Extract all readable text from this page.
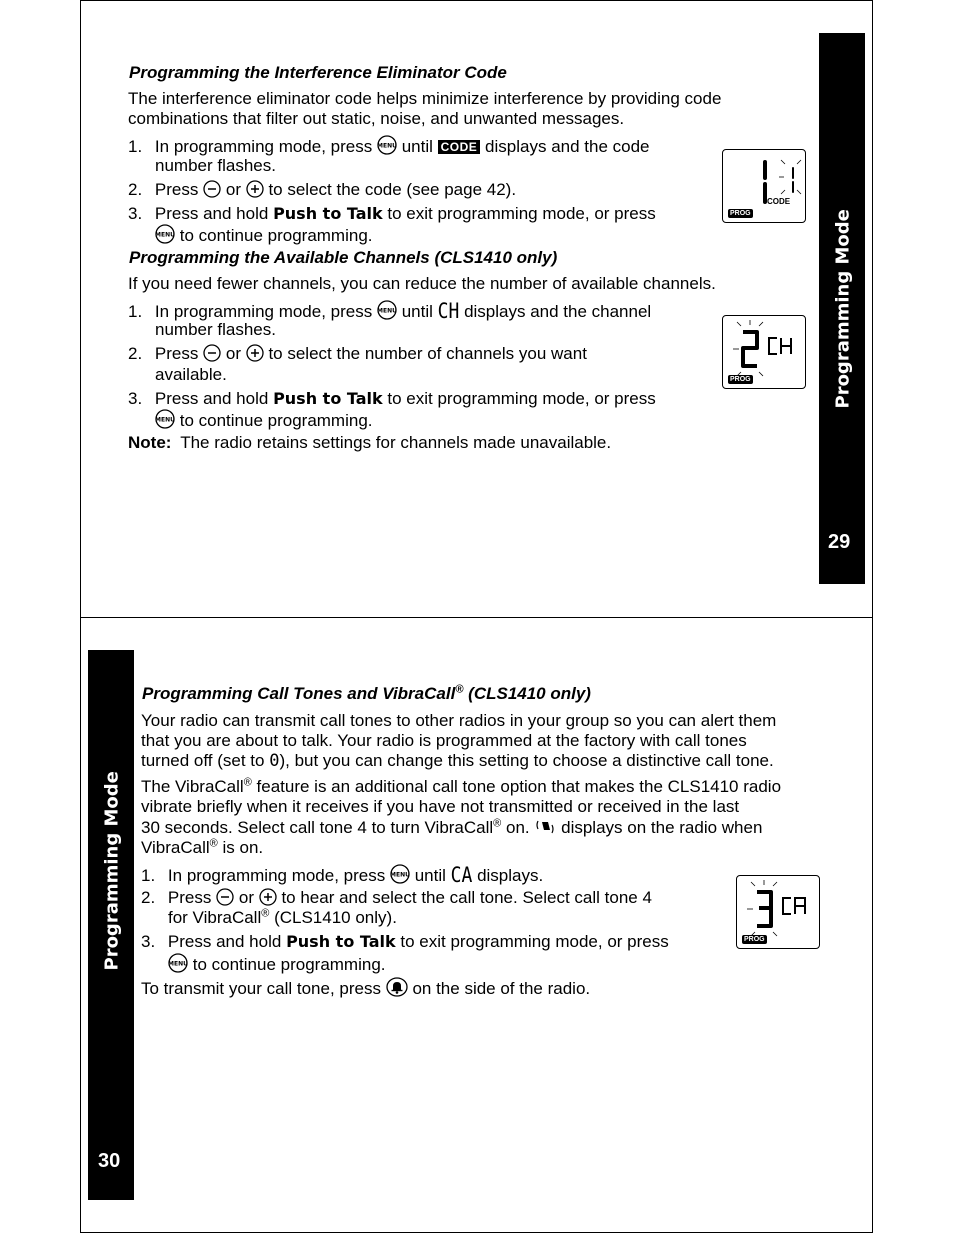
Programming Mode
29
Programming the Interference Eliminator Code
The interference eliminator code helps minimize interference by providing code
combinations that filter out static, noise, and unwanted messages.
1. In programming mode, press MENU until CODE displays and the code
number flashes.
2. Press or to select the code (see page 42).
3. Press and hold Push to Talk to exit programming mode, or press
MENU to continue programming.
CODE
PROG
Programming the Available Channels (CLS1410 only)
If you need fewer channels, you can reduce the number of available channels.
1. In programming mode, press MENU until CH displays and the channel
number flashes.
2. Press or to select the number of channels you want
available.
3. Press and hold Push to Talk to exit programming mode, or press
MENU to continue programming.
Note: The radio retains settings for channels made unavailable.
PROG
Programming Mode
30
Programming Call Tones and VibraCall® (CLS1410 only)
Your radio can transmit call tones to other radios in your group so you can alert them
that you are about to talk. Your radio is programmed at the factory with call tones
turned off (set to 0), but you can change this setting to choose a distinctive call tone.
The VibraCall® feature is an additional call tone option that makes the CLS1410 radio
vibrate briefly when it receives if you have not transmitted or received in the last
30 seconds. Select call tone 4 to turn VibraCall® on. displays on the radio when
VibraCall® is on.
1. In programming mode, press MENU until CA displays.
2. Press or to hear and select the call tone. Select call tone 4
for VibraCall® (CLS1410 only).
3. Press and hold Push to Talk to exit programming mode, or press
MENU to continue programming.
To transmit your call tone, press on the side of the radio.
PROG
